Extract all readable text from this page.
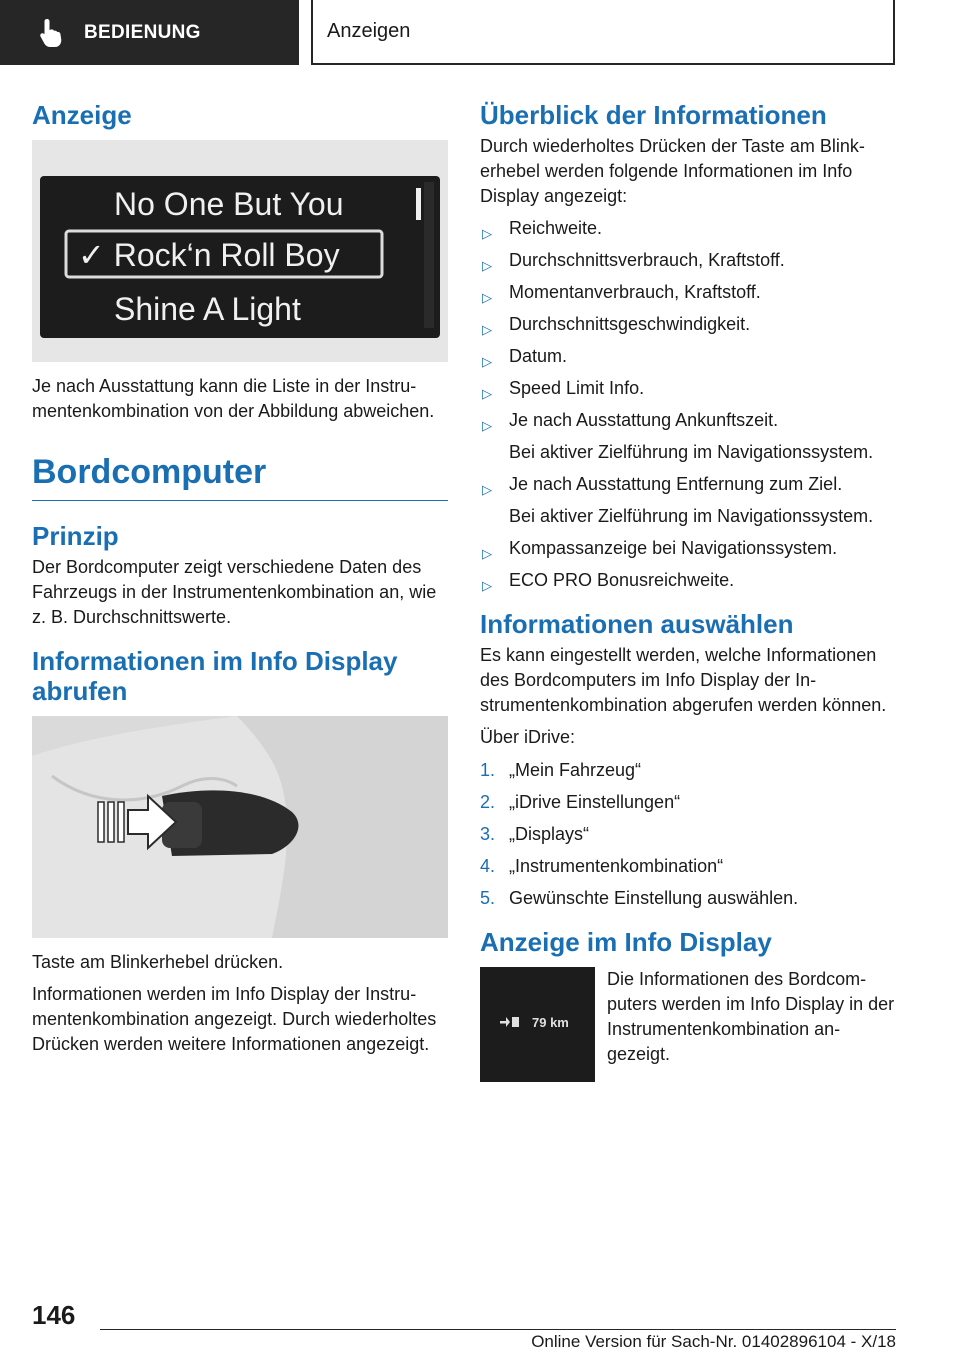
BEDIENUNG	Anzeigen
Anzeige
No One But You
✓ Rock‘n Roll Boy
Shine A Light

Je nach Ausstattung kann die Liste in der Instrumentenkombination von der Abbildung abweichen.

Bordcomputer
Prinzip

Der Bordcomputer zeigt verschiedene Daten des Fahrzeugs in der Instrumentenkombination an, wie z. B. Durchschnittswerte.

Informationen im Info Display abrufen

Taste am Blinkerhebel drücken.

Informationen werden im Info Display der Instrumentenkombination angezeigt. Durch wiederholtes Drücken werden weitere Informationen angezeigt.

Überblick der Informationen

Durch wiederholtes Drücken der Taste am Blinkerhebel werden folgende Informationen im Info Display angezeigt:

▷ Reichweite.
▷ Durchschnittsverbrauch, Kraftstoff.
▷ Momentanverbrauch, Kraftstoff.
▷ Durchschnittsgeschwindigkeit.
▷ Datum.
▷ Speed Limit Info.
▷ Je nach Ausstattung Ankunftszeit.
Bei aktiver Zielführung im Navigationssystem.
▷ Je nach Ausstattung Entfernung zum Ziel.
Bei aktiver Zielführung im Navigationssystem.
▷ Kompassanzeige bei Navigationssystem.
▷ ECO PRO Bonusreichweite.
Informationen auswählen

Es kann eingestellt werden, welche Informationen des Bordcomputers im Info Display der Instrumentenkombination abgerufen werden können.

Über iDrive:

1. „Mein Fahrzeug“
2. „iDrive Einstellungen“
3. „Displays“
4. „Instrumentenkombination“
5. Gewünschte Einstellung auswählen.
Anzeige im Info Display
79 km
Die Informationen des Bordcomputers werden im Info Display in der Instrumentenkombination angezeigt.
146
Online Version für Sach-Nr. 01402896104 - X/18
